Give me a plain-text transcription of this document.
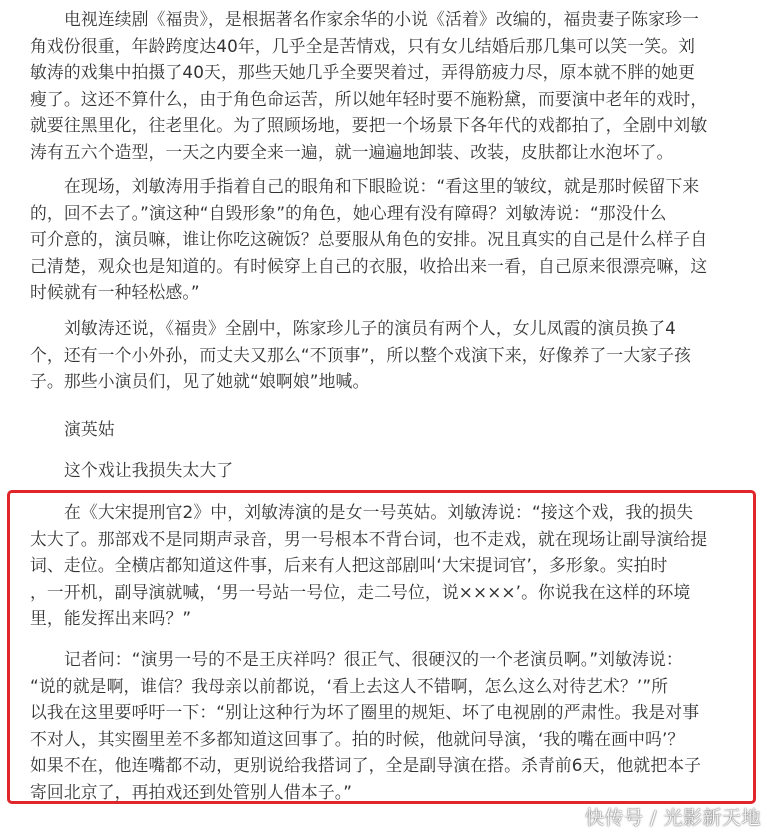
电视连续剧《福贵》，是根据著名作家余华的小说《活着》改编的，福贵妻子陈家珍一
角戏份很重，年龄跨度达40年，几乎全是苦情戏，只有女儿结婚后那几集可以笑一笑。刘
敏涛的戏集中拍摄了40天，那些天她几乎全要哭着过，弄得筋疲力尽，原本就不胖的她更
瘦了。这还不算什么，由于角色命运苦，所以她年轻时要不施粉黛，而要演中老年的戏时，
就要往黑里化，往老里化。为了照顾场地，要把一个场景下各年代的戏都拍了，全剧中刘敏
涛有五六个造型，一天之内要全来一遍，就一遍遍地卸装、改装，皮肤都让水泡坏了。
在现场，刘敏涛用手指着自己的眼角和下眼睑说：“看这里的皱纹，就是那时候留下来
的，回不去了。”演这种“自毁形象”的角色，她心理有没有障碍？刘敏涛说：“那没什么
可介意的，演员嘛，谁让你吃这碗饭？总要服从角色的安排。况且真实的自己是什么样子自
己清楚，观众也是知道的。有时候穿上自己的衣服，收拾出来一看，自己原来很漂亮嘛，这
时候就有一种轻松感。”
刘敏涛还说，《福贵》全剧中，陈家珍儿子的演员有两个人，女儿凤霞的演员换了4
个，还有一个小外孙，而丈夫又那么“不顶事”，所以整个戏演下来，好像养了一大家子孩
子。那些小演员们，见了她就“娘啊娘”地喊。
演英姑
这个戏让我损失太大了
在《大宋提刑官2》中，刘敏涛演的是女一号英姑。刘敏涛说：“接这个戏，我的损失
太大了。那部戏不是同期声录音，男一号根本不背台词，也不走戏，就在现场让副导演给提
词、走位。全横店都知道这件事，后来有人把这部剧叫‘大宋提词官’，多形象。实拍时
，一开机，副导演就喊，‘男一号站一号位，走二号位，说××××’。你说我在这样的环境
里，能发挥出来吗？”
记者问：“演男一号的不是王庆祥吗？很正气、很硬汉的一个老演员啊。”刘敏涛说：
“说的就是啊，谁信？我母亲以前都说，‘看上去这人不错啊，怎么这么对待艺术？’”所
以我在这里要呼吁一下：“别让这种行为坏了圈里的规矩、坏了电视剧的严肃性。我是对事
不对人，其实圈里差不多都知道这回事了。拍的时候，他就问导演，‘我的嘴在画中吗’？
如果不在，他连嘴都不动，更别说给我搭词了，全是副导演在搭。杀青前6天，他就把本子
寄回北京了，再拍戏还到处管别人借本子。”
快传号 / 光影新天地
